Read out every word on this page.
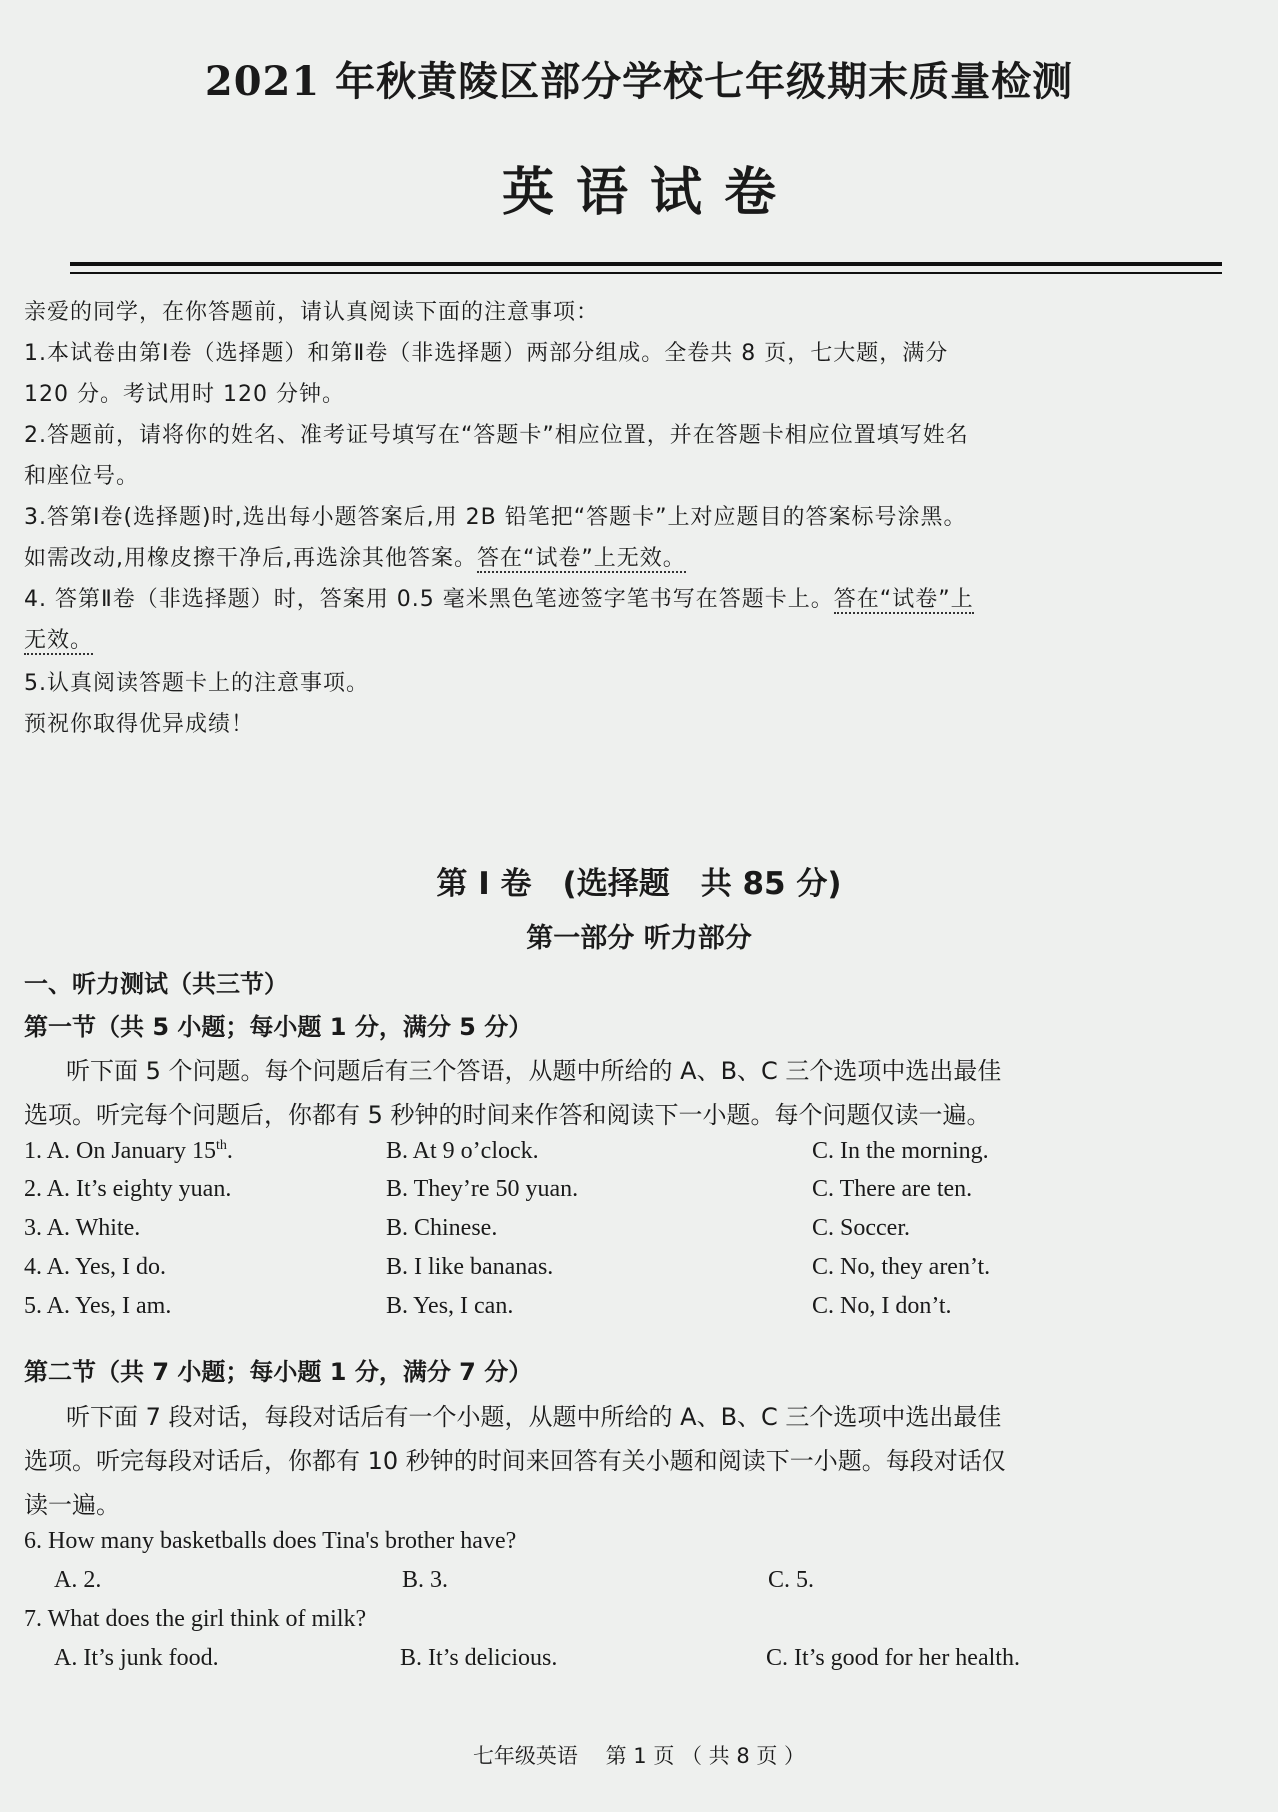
2021 年秋黄陵区部分学校七年级期末质量检测
英语试卷
亲爱的同学，在你答题前，请认真阅读下面的注意事项：
1.本试卷由第Ⅰ卷（选择题）和第Ⅱ卷（非选择题）两部分组成。全卷共 8 页，七大题，满分
120 分。考试用时 120 分钟。
2.答题前，请将你的姓名、准考证号填写在“答题卡”相应位置，并在答题卡相应位置填写姓名
和座位号。
3.答第Ⅰ卷(选择题)时,选出每小题答案后,用 2B 铅笔把“答题卡”上对应题目的答案标号涂黑。
如需改动,用橡皮擦干净后,再选涂其他答案。答在“试卷”上无效。
4. 答第Ⅱ卷（非选择题）时，答案用 0.5 毫米黑色笔迹签字笔书写在答题卡上。答在“试卷”上
无效。
5.认真阅读答题卡上的注意事项。
预祝你取得优异成绩！
第 I 卷　(选择题　共 85 分)
第一部分 听力部分
一、听力测试（共三节）
第一节（共 5 小题；每小题 1 分，满分 5 分）
听下面 5 个问题。每个问题后有三个答语，从题中所给的 A、B、C 三个选项中选出最佳
选项。听完每个问题后，你都有 5 秒钟的时间来作答和阅读下一小题。每个问题仅读一遍。
1. A. On January 15th.	B. At 9 o’clock.	C. In the morning.
2. A. It’s eighty yuan.	B. They’re 50 yuan.	C. There are ten.
3. A. White.	B. Chinese.	C. Soccer.
4. A. Yes, I do.	B. I like bananas.	C. No, they aren’t.
5. A. Yes, I am.	B. Yes, I can.	C. No, I don’t.
第二节（共 7 小题；每小题 1 分，满分 7 分）
听下面 7 段对话，每段对话后有一个小题，从题中所给的 A、B、C 三个选项中选出最佳
选项。听完每段对话后，你都有 10 秒钟的时间来回答有关小题和阅读下一小题。每段对话仅
读一遍。
6. How many basketballs does Tina's brother have?
A. 2.	B. 3.	C. 5.
7. What does the girl think of milk?
A. It’s junk food.	B. It’s delicious.	C. It’s good for her health.
七年级英语　 第 1 页 （ 共 8 页 ）
